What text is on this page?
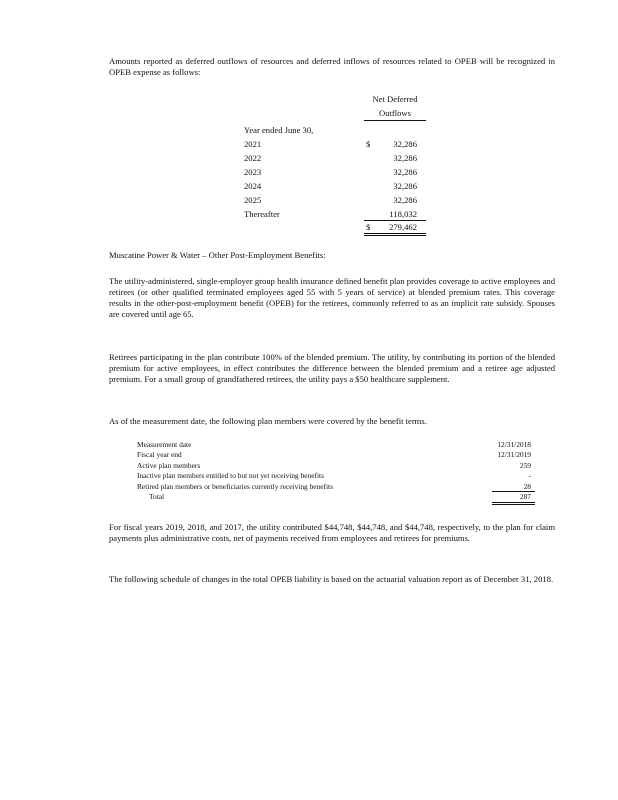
Amounts reported as deferred outflows of resources and deferred inflows of resources related to OPEB will be recognized in OPEB expense as follows:

Net Deferred
Outflows
Year ended June 30,
2021	$	32,286
2022	32,286
2023	32,286
2024	32,286
2025	32,286
Thereafter	118,032
$ 279,462
Muscatine Power & Water – Other Post-Employment Benefits:

The utility-administered, single-employer group health insurance defined benefit plan provides coverage to active employees and retirees (or other qualified terminated employees aged 55 with 5 years of service) at blended premium rates. This coverage results in the other-post-employment benefit (OPEB) for the retirees, commonly referred to as an implicit rate subsidy. Spouses are covered until age 65.

Retirees participating in the plan contribute 100% of the blended premium. The utility, by contributing its portion of the blended premium for active employees, in effect contributes the difference between the blended premium and a retiree age adjusted premium. For a small group of grandfathered retirees, the utility pays a $50 healthcare supplement.

As of the measurement date, the following plan members were covered by the benefit terms.

Measurement date	12/31/2018
Fiscal year end	12/31/2019
Active plan members	259
Inactive plan members entitled to but not yet receiving benefits	-
Retired plan members or beneficiaries currently receiving benefits	28
Total	287

For fiscal years 2019, 2018, and 2017, the utility contributed $44,748, $44,748, and $44,748, respectively, to the plan for claim payments plus administrative costs, net of payments received from employees and retirees for premiums.

The following schedule of changes in the total OPEB liability is based on the actuarial valuation report as of December 31, 2018.
